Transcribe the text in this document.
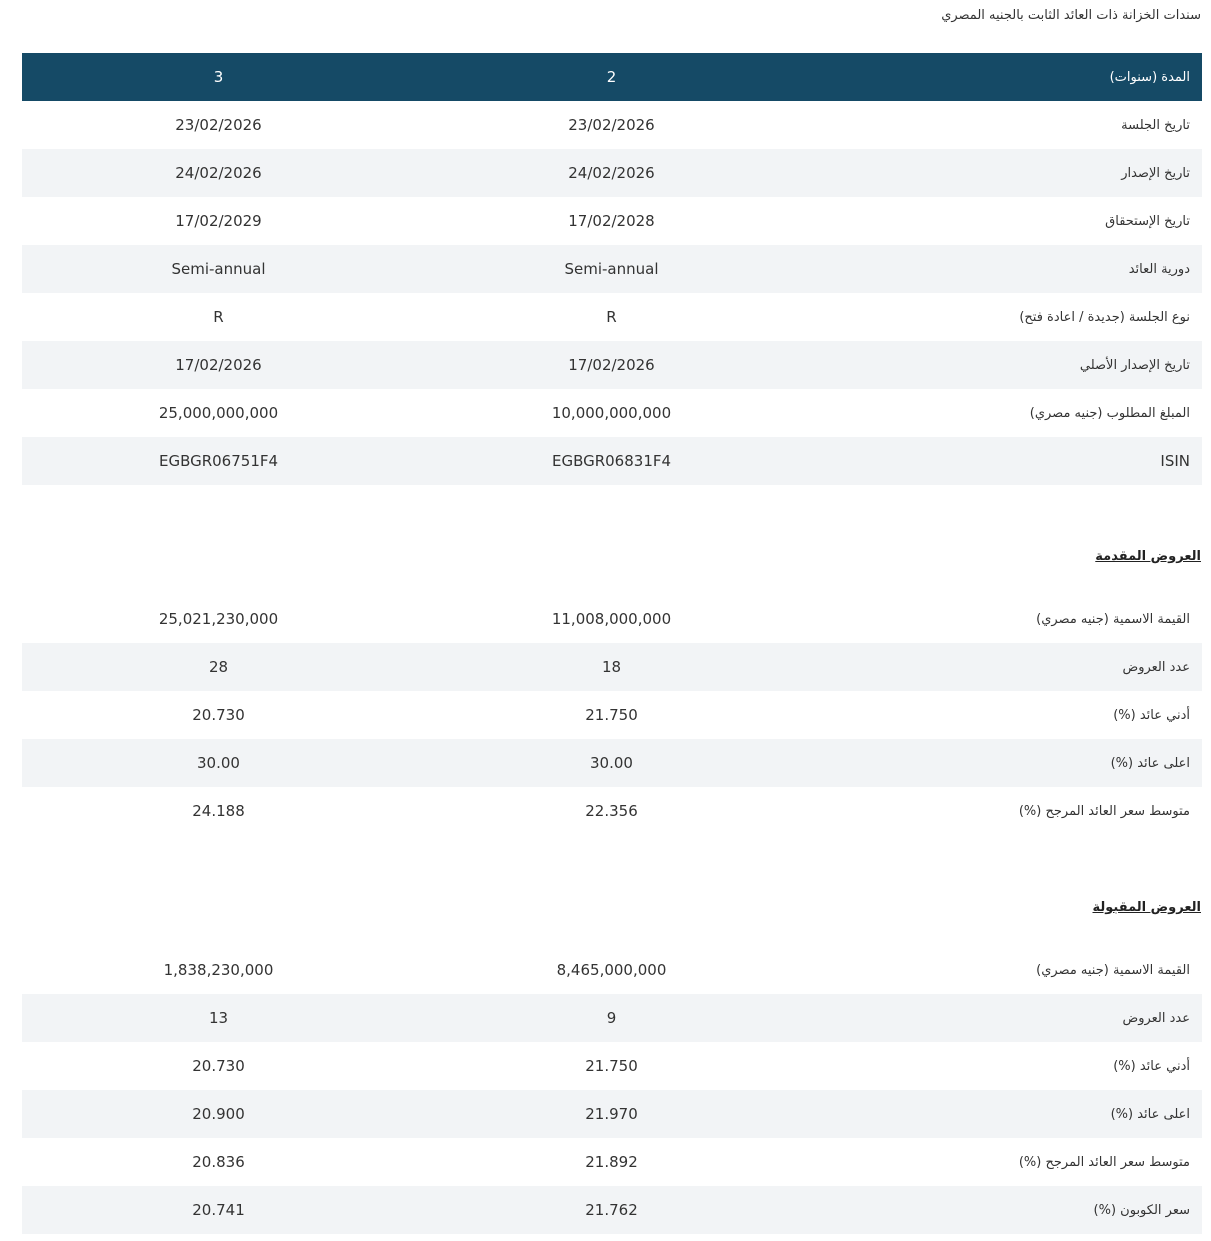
سندات الخزانة ذات العائد الثابت بالجنيه المصري
3	2	المدة (سنوات)
23/02/2026	23/02/2026	تاريخ الجلسة
24/02/2026	24/02/2026	تاريخ الإصدار
17/02/2029	17/02/2028	تاريخ الإستحقاق
Semi-annual	Semi-annual	دورية العائد
R	R	نوع الجلسة (جديدة / اعادة فتح)
17/02/2026	17/02/2026	تاريخ الإصدار الأصلي
25,000,000,000	10,000,000,000	المبلغ المطلوب (جنيه مصري)
EGBGR06751F4	EGBGR06831F4	ISIN
العروض المقدمة
25,021,230,000	11,008,000,000	القيمة الاسمية (جنيه مصري)
28	18	عدد العروض
20.730	21.750	أدني عائد (%)
30.00	30.00	اعلى عائد (%)
24.188	22.356	متوسط سعر العائد المرجح (%)
العروض المقبولة
1,838,230,000	8,465,000,000	القيمة الاسمية (جنيه مصري)
13	9	عدد العروض
20.730	21.750	أدني عائد (%)
20.900	21.970	اعلى عائد (%)
20.836	21.892	متوسط سعر العائد المرجح (%)
20.741	21.762	سعر الكوبون (%)
